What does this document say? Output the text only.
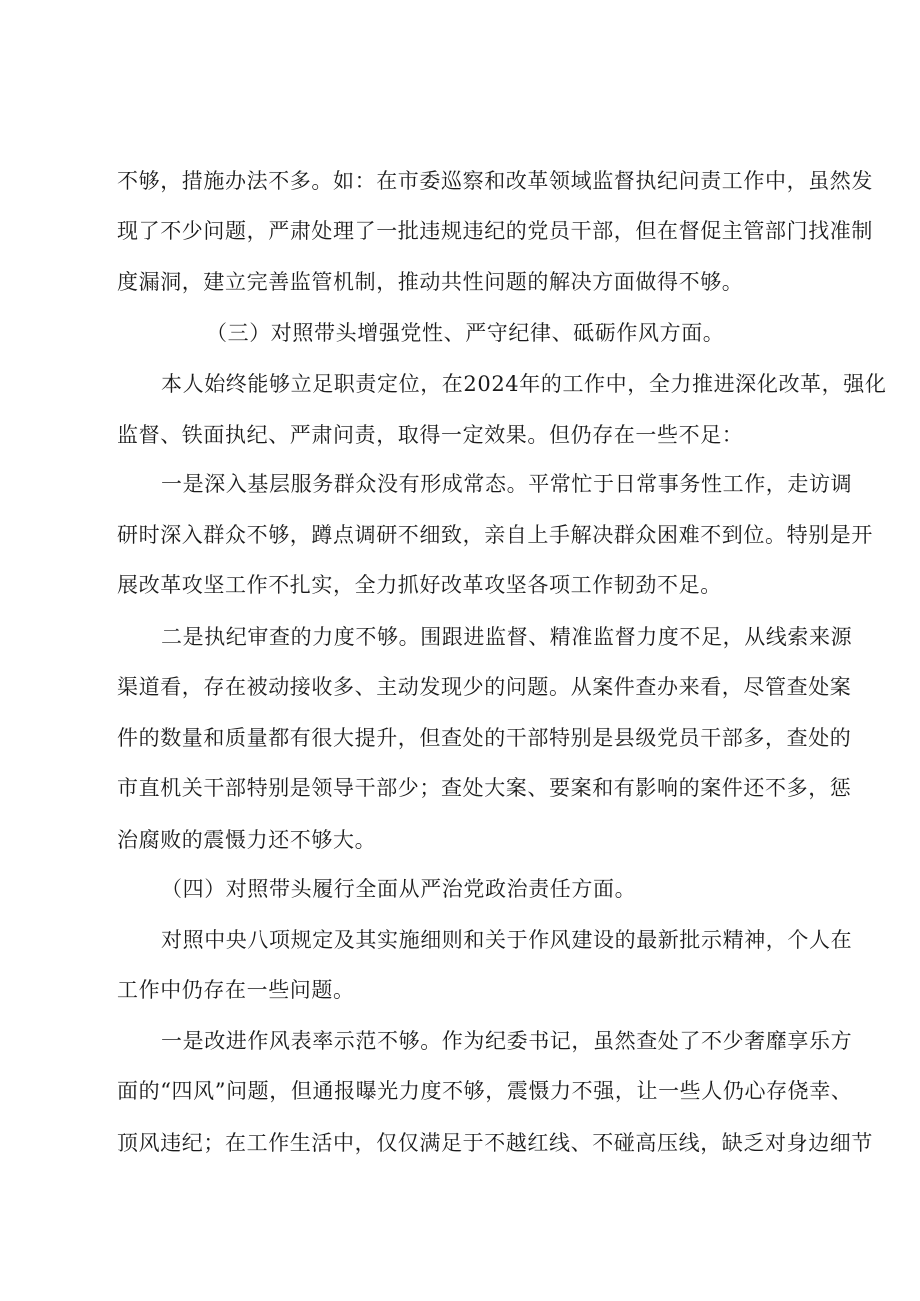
不够，措施办法不多。如：在市委巡察和改革领域监督执纪问责工作中，虽然发
现了不少问题，严肃处理了一批违规违纪的党员干部，但在督促主管部门找准制
度漏洞，建立完善监管机制，推动共性问题的解决方面做得不够。
（三）对照带头增强党性、严守纪律、砥砺作风方面。
本人始终能够立足职责定位，在2024年的工作中，全力推进深化改革，强化
监督、铁面执纪、严肃问责，取得一定效果。但仍存在一些不足：
一是深入基层服务群众没有形成常态。平常忙于日常事务性工作，走访调
研时深入群众不够，蹲点调研不细致，亲自上手解决群众困难不到位。特别是开
展改革攻坚工作不扎实，全力抓好改革攻坚各项工作韧劲不足。
二是执纪审查的力度不够。围跟进监督、精准监督力度不足，从线索来源
渠道看，存在被动接收多、主动发现少的问题。从案件查办来看，尽管查处案
件的数量和质量都有很大提升，但查处的干部特别是县级党员干部多，查处的
市直机关干部特别是领导干部少；查处大案、要案和有影响的案件还不多，惩
治腐败的震慑力还不够大。
（四）对照带头履行全面从严治党政治责任方面。
对照中央八项规定及其实施细则和关于作风建设的最新批示精神，个人在
工作中仍存在一些问题。
一是改进作风表率示范不够。作为纪委书记，虽然查处了不少奢靡享乐方
面的“四风”问题，但通报曝光力度不够，震慑力不强，让一些人仍心存侥幸、
顶风违纪；在工作生活中，仅仅满足于不越红线、不碰高压线，缺乏对身边细节
